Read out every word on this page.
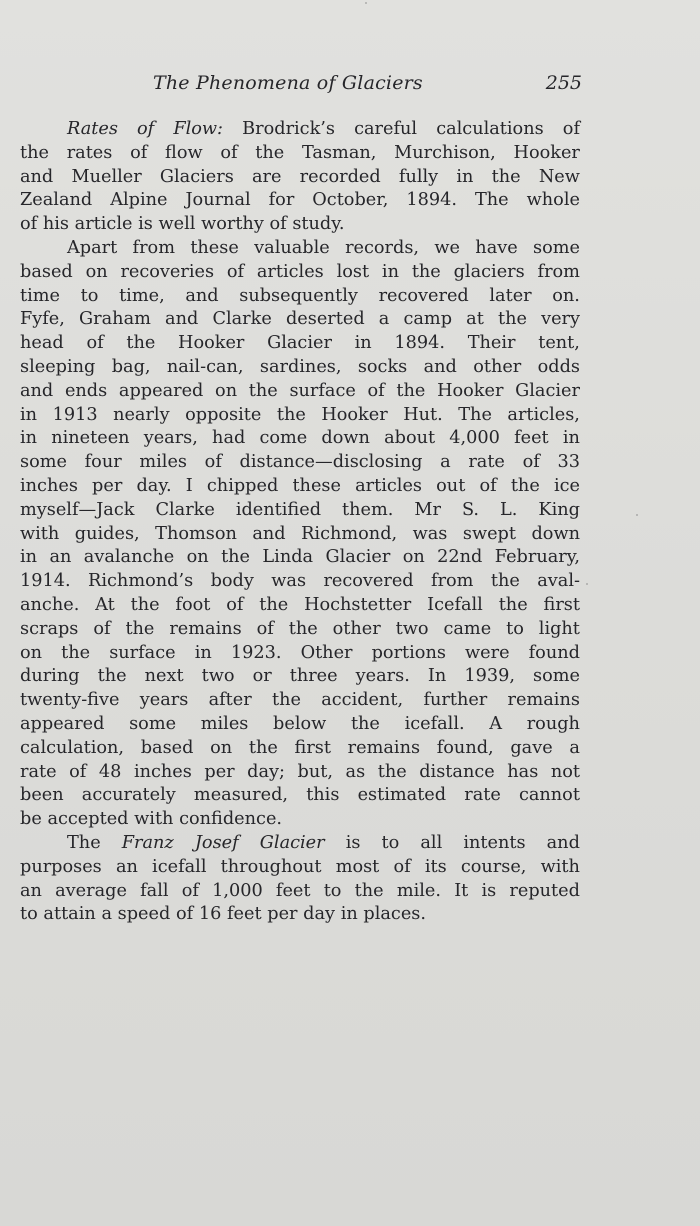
The Phenomena of Glaciers	255
Rates of Flow: Brodrick’s careful calculations of
the rates of flow of the Tasman, Murchison, Hooker
and Mueller Glaciers are recorded fully in the New
Zealand Alpine Journal for October, 1894. The whole
of his article is well worthy of study.
Apart from these valuable records, we have some
based on recoveries of articles lost in the glaciers from
time to time, and subsequently recovered later on.
Fyfe, Graham and Clarke deserted a camp at the very
head of the Hooker Glacier in 1894. Their tent,
sleeping bag, nail-can, sardines, socks and other odds
and ends appeared on the surface of the Hooker Glacier
in 1913 nearly opposite the Hooker Hut. The articles,
in nineteen years, had come down about 4,000 feet in
some four miles of distance—disclosing a rate of 33
inches per day. I chipped these articles out of the ice
myself—Jack Clarke identified them. Mr S. L. King
with guides, Thomson and Richmond, was swept down
in an avalanche on the Linda Glacier on 22nd February,
1914. Richmond’s body was recovered from the aval-
anche. At the foot of the Hochstetter Icefall the first
scraps of the remains of the other two came to light
on the surface in 1923. Other portions were found
during the next two or three years. In 1939, some
twenty-five years after the accident, further remains
appeared some miles below the icefall. A rough
calculation, based on the first remains found, gave a
rate of 48 inches per day; but, as the distance has not
been accurately measured, this estimated rate cannot
be accepted with confidence.
The Franz Josef Glacier is to all intents and
purposes an icefall throughout most of its course, with
an average fall of 1,000 feet to the mile. It is reputed
to attain a speed of 16 feet per day in places.
